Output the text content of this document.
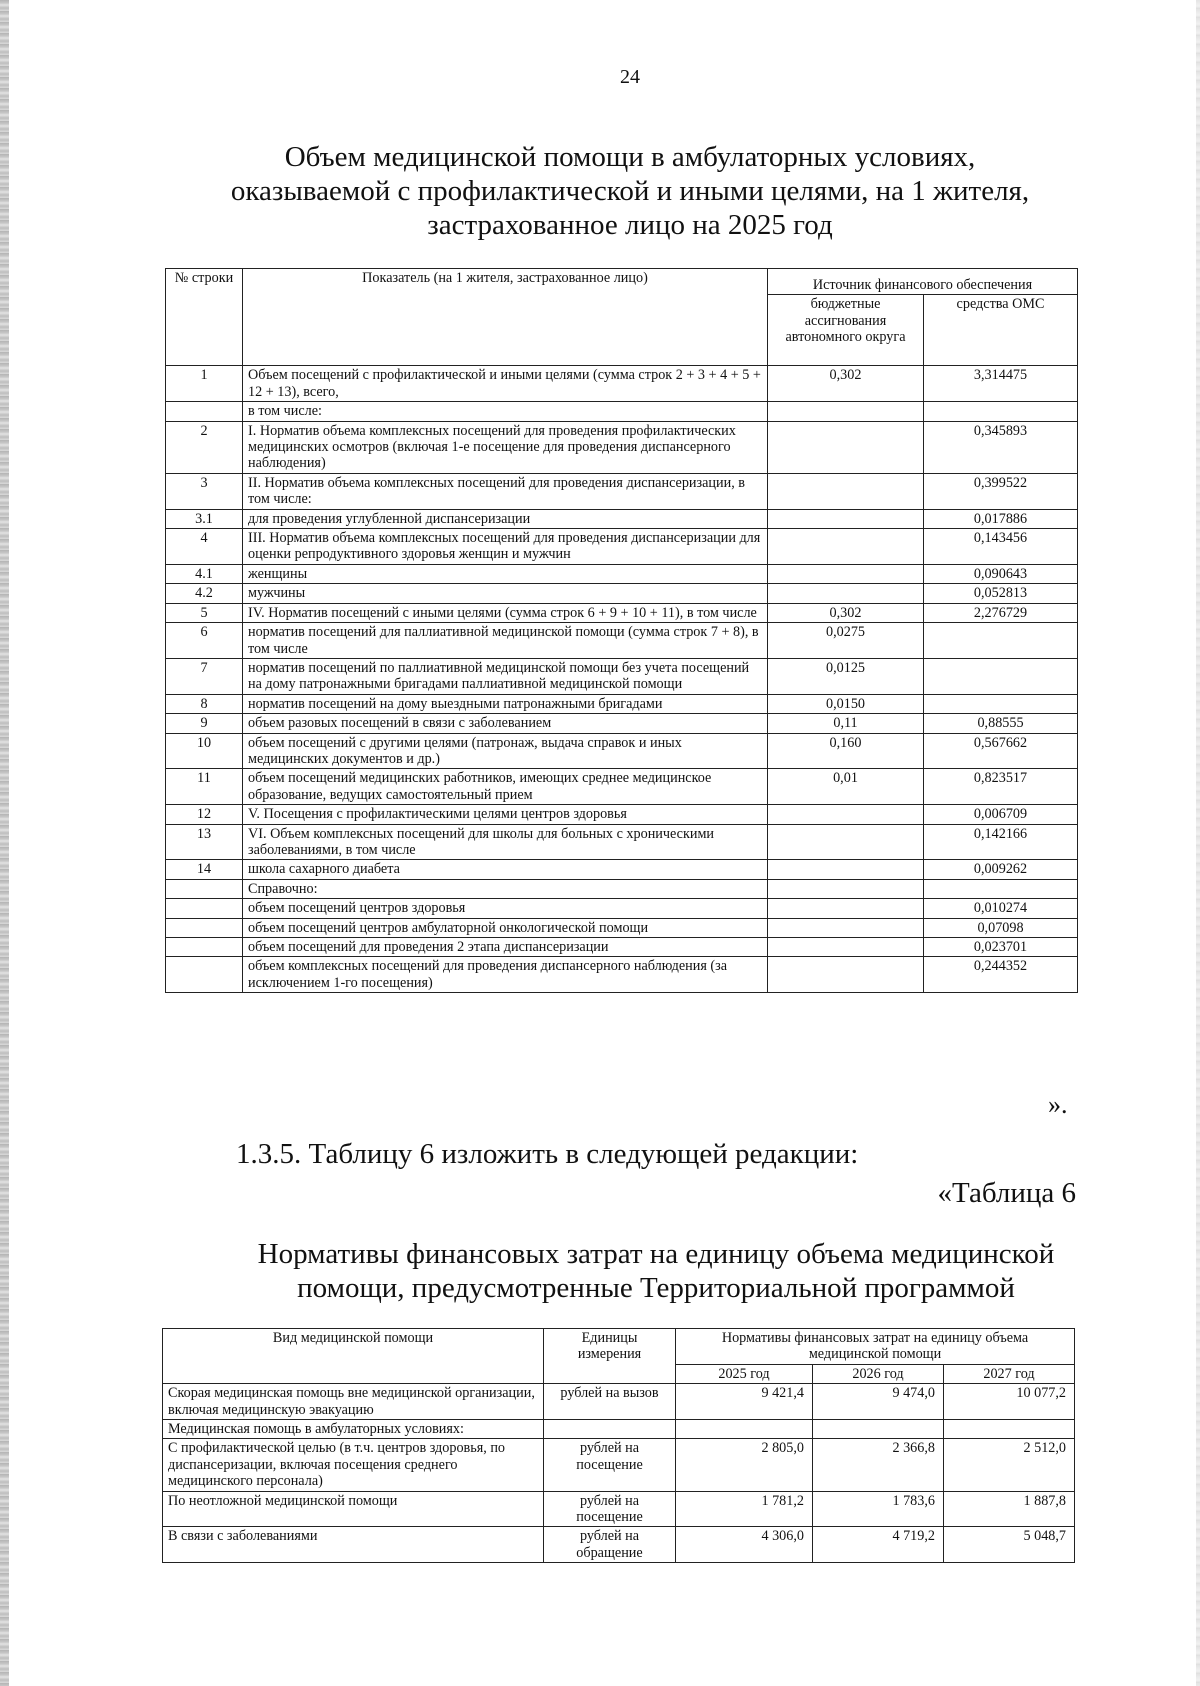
24
Объем медицинской помощи в амбулаторных условиях,
оказываемой с профилактической и иными целями, на 1 жителя,
застрахованное лицо на 2025 год
№ строки	Показатель (на 1 жителя, застрахованное лицо)	Источник финансового обеспечения	
		бюджетные ассигнования автономного округа	средства ОМС
1	Объем посещений с профилактической и иными целями (сумма строк 2 + 3 + 4 + 5 + 12 + 13), всего,	0,302	3,314475
	в том числе:		
2	I. Норматив объема комплексных посещений для проведения профилактических медицинских осмотров (включая 1-е посещение для проведения диспансерного наблюдения)		0,345893
3	II. Норматив объема комплексных посещений для проведения диспансеризации, в том числе:		0,399522
3.1	для проведения углубленной диспансеризации		0,017886
4	III. Норматив объема комплексных посещений для проведения диспансеризации для оценки репродуктивного здоровья женщин и мужчин		0,143456
4.1	женщины		0,090643
4.2	мужчины		0,052813
5	IV. Норматив посещений с иными целями (сумма строк 6 + 9 + 10 + 11), в том числе	0,302	2,276729
6	норматив посещений для паллиативной медицинской помощи (сумма строк 7 + 8), в том числе	0,0275	
7	норматив посещений по паллиативной медицинской помощи без учета посещений на дому патронажными бригадами паллиативной медицинской помощи	0,0125	
8	норматив посещений на дому выездными патронажными бригадами	0,0150	
9	объем разовых посещений в связи с заболеванием	0,11	0,88555
10	объем посещений с другими целями (патронаж, выдача справок и иных медицинских документов и др.)	0,160	0,567662
11	объем посещений медицинских работников, имеющих среднее медицинское образование, ведущих самостоятельный прием	0,01	0,823517
12	V. Посещения с профилактическими целями центров здоровья		0,006709
13	VI. Объем комплексных посещений для школы для больных с хроническими заболеваниями, в том числе		0,142166
14	школа сахарного диабета		0,009262
	Справочно:		
	объем посещений центров здоровья		0,010274
	объем посещений центров амбулаторной онкологической помощи		0,07098
	объем посещений для проведения 2 этапа диспансеризации		0,023701
	объем комплексных посещений для проведения диспансерного наблюдения (за исключением 1-го посещения)		0,244352
».
1.3.5. Таблицу 6 изложить в следующей редакции:
«Таблица 6
Нормативы финансовых затрат на единицу объема медицинской
помощи, предусмотренные Территориальной программой
Вид медицинской помощи	Единицы измерения	Нормативы финансовых затрат на единицу объема медицинской помощи		
		2025 год	2026 год	2027 год
Скорая медицинская помощь вне медицинской организации, включая медицинскую эвакуацию	рублей на вызов	9 421,4	9 474,0	10 077,2
Медицинская помощь в амбулаторных условиях:				
С профилактической целью (в т.ч. центров здоровья, по диспансеризации, включая посещения среднего медицинского персонала)	рублей на посещение	2 805,0	2 366,8	2 512,0
По неотложной медицинской помощи	рублей на посещение	1 781,2	1 783,6	1 887,8
В связи с заболеваниями	рублей на обращение	4 306,0	4 719,2	5 048,7
